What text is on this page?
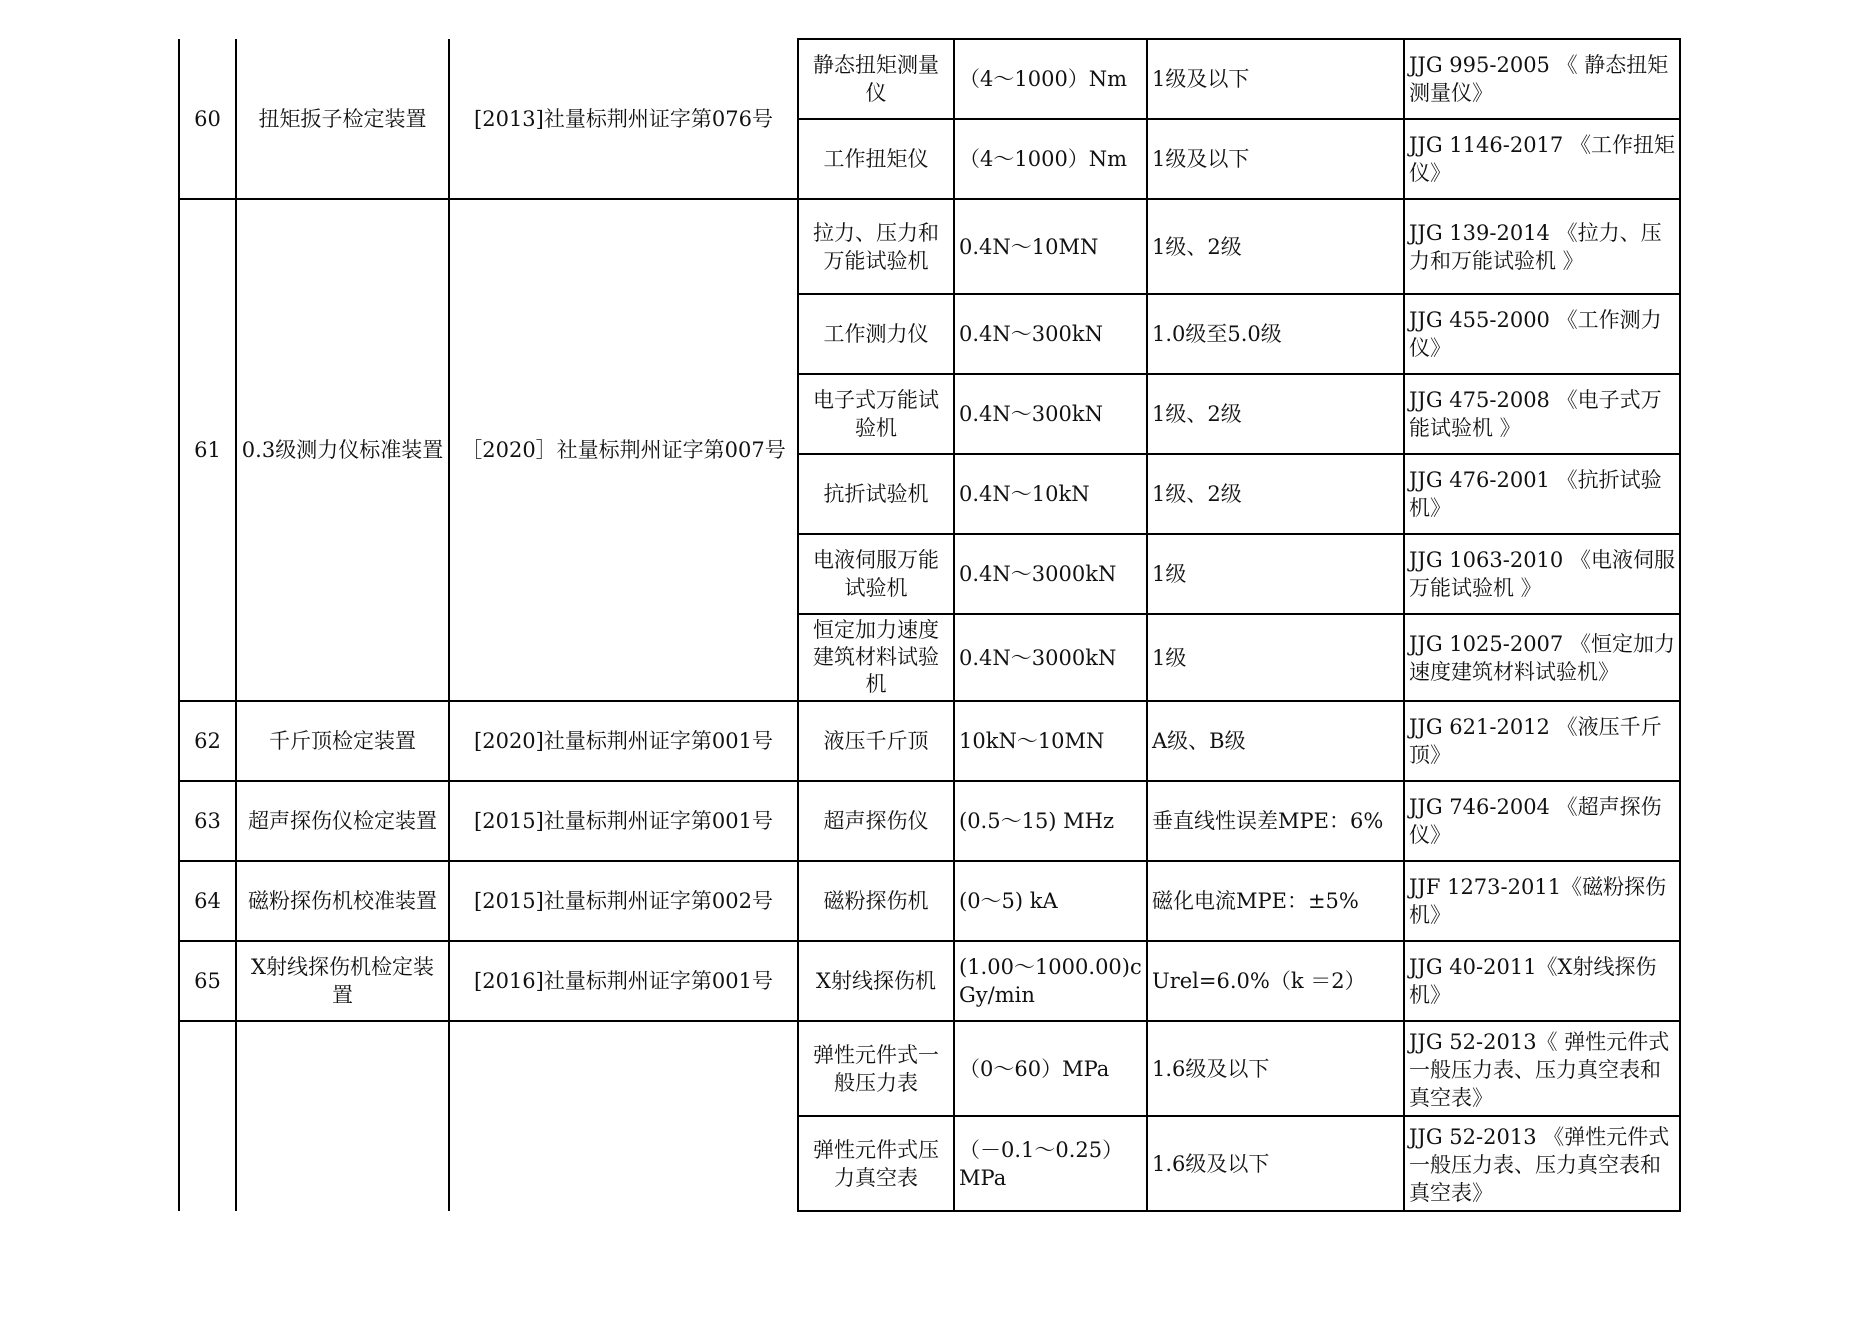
60	扭矩扳子检定装置	[2013]社量标荆州证字第076号	静态扭矩测量仪	（4～1000）Nm	1级及以下	JJG 995-2005 《 静态扭矩测量仪》
			工作扭矩仪	（4～1000）Nm	1级及以下	JJG 1146-2017 《工作扭矩仪》
61	0.3级测力仪标准装置	［2020］社量标荆州证字第007号	拉力、压力和万能试验机	0.4N～10MN	1级、2级	JJG 139-2014 《拉力、压力和万能试验机 》
			工作测力仪	0.4N～300kN	1.0级至5.0级	JJG 455-2000 《工作测力仪》
			电子式万能试验机	0.4N～300kN	1级、2级	JJG 475-2008 《电子式万能试验机 》
			抗折试验机	0.4N～10kN	1级、2级	JJG 476-2001 《抗折试验机》
			电液伺服万能试验机	0.4N～3000kN	1级	JJG 1063-2010 《电液伺服万能试验机 》
			恒定加力速度建筑材料试验机	0.4N～3000kN	1级	JJG 1025-2007 《恒定加力速度建筑材料试验机》
62	千斤顶检定装置	[2020]社量标荆州证字第001号	液压千斤顶	10kN～10MN	A级、B级	JJG 621-2012 《液压千斤顶》
63	超声探伤仪检定装置	[2015]社量标荆州证字第001号	超声探伤仪	(0.5～15) MHz	垂直线性误差MPE：6%	JJG 746-2004 《超声探伤仪》
64	磁粉探伤机校准装置	[2015]社量标荆州证字第002号	磁粉探伤机	(0～5) kA	磁化电流MPE：±5%	JJF 1273-2011《磁粉探伤机》
65	X射线探伤机检定装置	[2016]社量标荆州证字第001号	X射线探伤机	(1.00～1000.00)cGy/min	Urel=6.0%（k ＝2）	JJG 40-2011《X射线探伤机》
			弹性元件式一般压力表	（0～60）MPa	1.6级及以下	JJG 52-2013《 弹性元件式一般压力表、压力真空表和真空表》
			弹性元件式压力真空表	（－0.1～0.25）MPa	1.6级及以下	JJG 52-2013 《弹性元件式一般压力表、压力真空表和真空表》
